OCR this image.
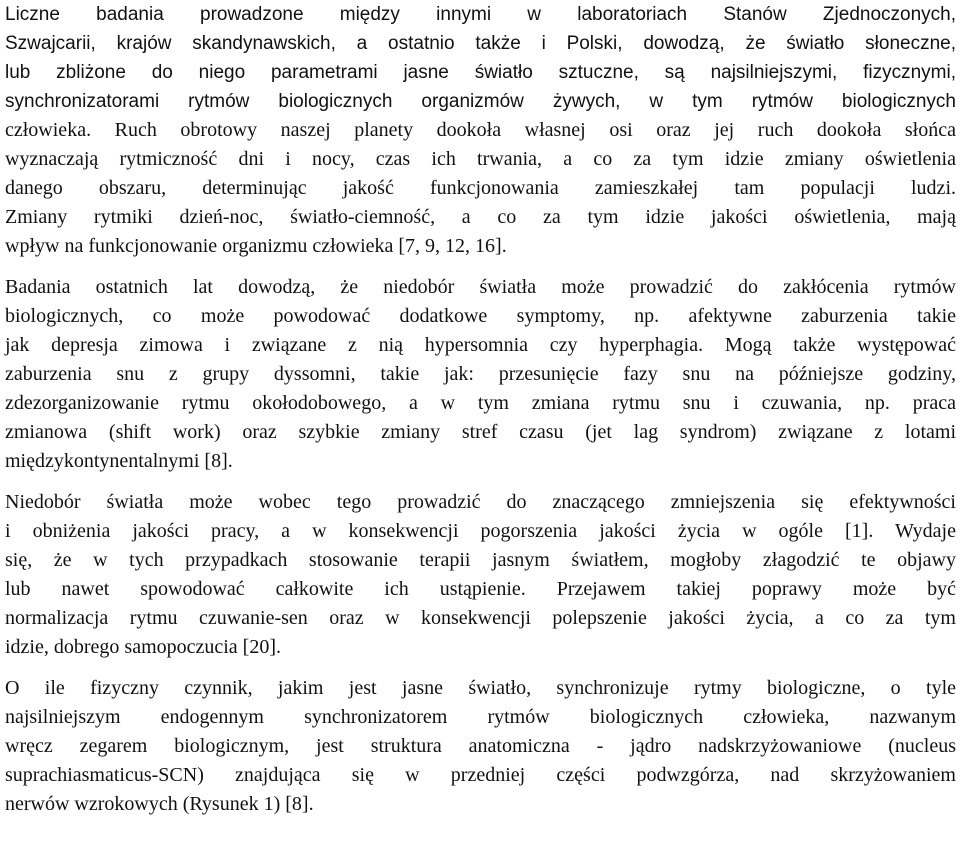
Liczne badania prowadzone między innymi w laboratoriach Stanów Zjednoczonych,
Szwajcarii, krajów skandynawskich, a ostatnio także i Polski, dowodzą, że światło słoneczne,
lub zbliżone do niego parametrami jasne światło sztuczne, są najsilniejszymi, fizycznymi,
synchronizatorami rytmów biologicznych organizmów żywych, w tym rytmów biologicznych
człowieka. Ruch obrotowy naszej planety dookoła własnej osi oraz jej ruch dookoła słońca
wyznaczają rytmiczność dni i nocy, czas ich trwania, a co za tym idzie zmiany oświetlenia
danego obszaru, determinując jakość funkcjonowania zamieszkałej tam populacji ludzi.
Zmiany rytmiki dzień-noc, światło-ciemność, a co za tym idzie jakości oświetlenia, mają
wpływ na funkcjonowanie organizmu człowieka [7, 9, 12, 16].
Badania ostatnich lat dowodzą, że niedobór światła może prowadzić do zakłócenia rytmów
biologicznych, co może powodować dodatkowe symptomy, np. afektywne zaburzenia takie
jak depresja zimowa i związane z nią hypersomnia czy hyperphagia. Mogą także występować
zaburzenia snu z grupy dyssomni, takie jak: przesunięcie fazy snu na późniejsze godziny,
zdezorganizowanie rytmu okołodobowego, a w tym zmiana rytmu snu i czuwania, np. praca
zmianowa (shift work) oraz szybkie zmiany stref czasu (jet lag syndrom) związane z lotami
międzykontynentalnymi [8].
Niedobór światła może wobec tego prowadzić do znaczącego zmniejszenia się efektywności
i obniżenia jakości pracy, a w konsekwencji pogorszenia jakości życia w ogóle [1]. Wydaje
się, że w tych przypadkach stosowanie terapii jasnym światłem, mogłoby złagodzić te objawy
lub nawet spowodować całkowite ich ustąpienie. Przejawem takiej poprawy może być
normalizacja rytmu czuwanie-sen oraz w konsekwencji polepszenie jakości życia, a co za tym
idzie, dobrego samopoczucia [20].
O ile fizyczny czynnik, jakim jest jasne światło, synchronizuje rytmy biologiczne, o tyle
najsilniejszym endogennym synchronizatorem rytmów biologicznych człowieka, nazwanym
wręcz zegarem biologicznym, jest struktura anatomiczna - jądro nadskrzyżowaniowe (nucleus
suprachiasmaticus-SCN) znajdująca się w przedniej części podwzgórza, nad skrzyżowaniem
nerwów wzrokowych (Rysunek 1) [8].
